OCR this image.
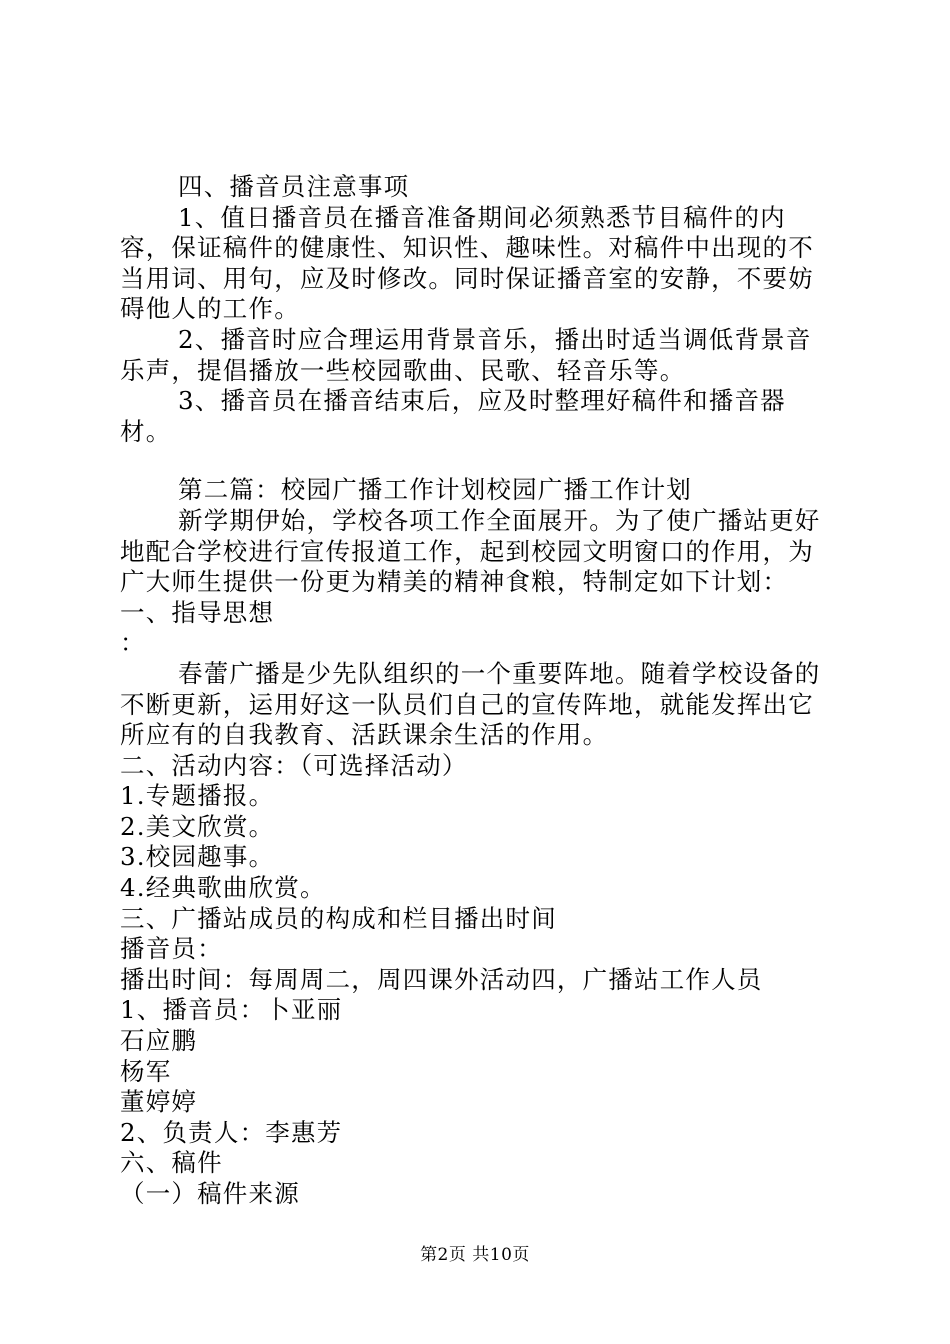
四、播音员注意事项

1、值日播音员在播音准备期间必须熟悉节目稿件的内容，保证稿件的健康性、知识性、趣味性。对稿件中出现的不当用词、用句，应及时修改。同时保证播音室的安静，不要妨碍他人的工作。

2、播音时应合理运用背景音乐，播出时适当调低背景音乐声，提倡播放一些校园歌曲、民歌、轻音乐等。

3、播音员在播音结束后，应及时整理好稿件和播音器材。

第二篇：校园广播工作计划校园广播工作计划

新学期伊始，学校各项工作全面展开。为了使广播站更好地配合学校进行宣传报道工作，起到校园文明窗口的作用，为广大师生提供一份更为精美的精神食粮，特制定如下计划：

一、指导思想

：

春蕾广播是少先队组织的一个重要阵地。随着学校设备的不断更新，运用好这一队员们自己的宣传阵地，就能发挥出它所应有的自我教育、活跃课余生活的作用。

二、活动内容：（可选择活动）

1.专题播报。

2.美文欣赏。

3.校园趣事。

4.经典歌曲欣赏。

三、广播站成员的构成和栏目播出时间

播音员：

播出时间：每周周二，周四课外活动四，广播站工作人员

1、播音员：卜亚丽

石应鹏

杨军

董婷婷

2、负责人：李惠芳

六、稿件

（一）稿件来源

第2页 共10页
